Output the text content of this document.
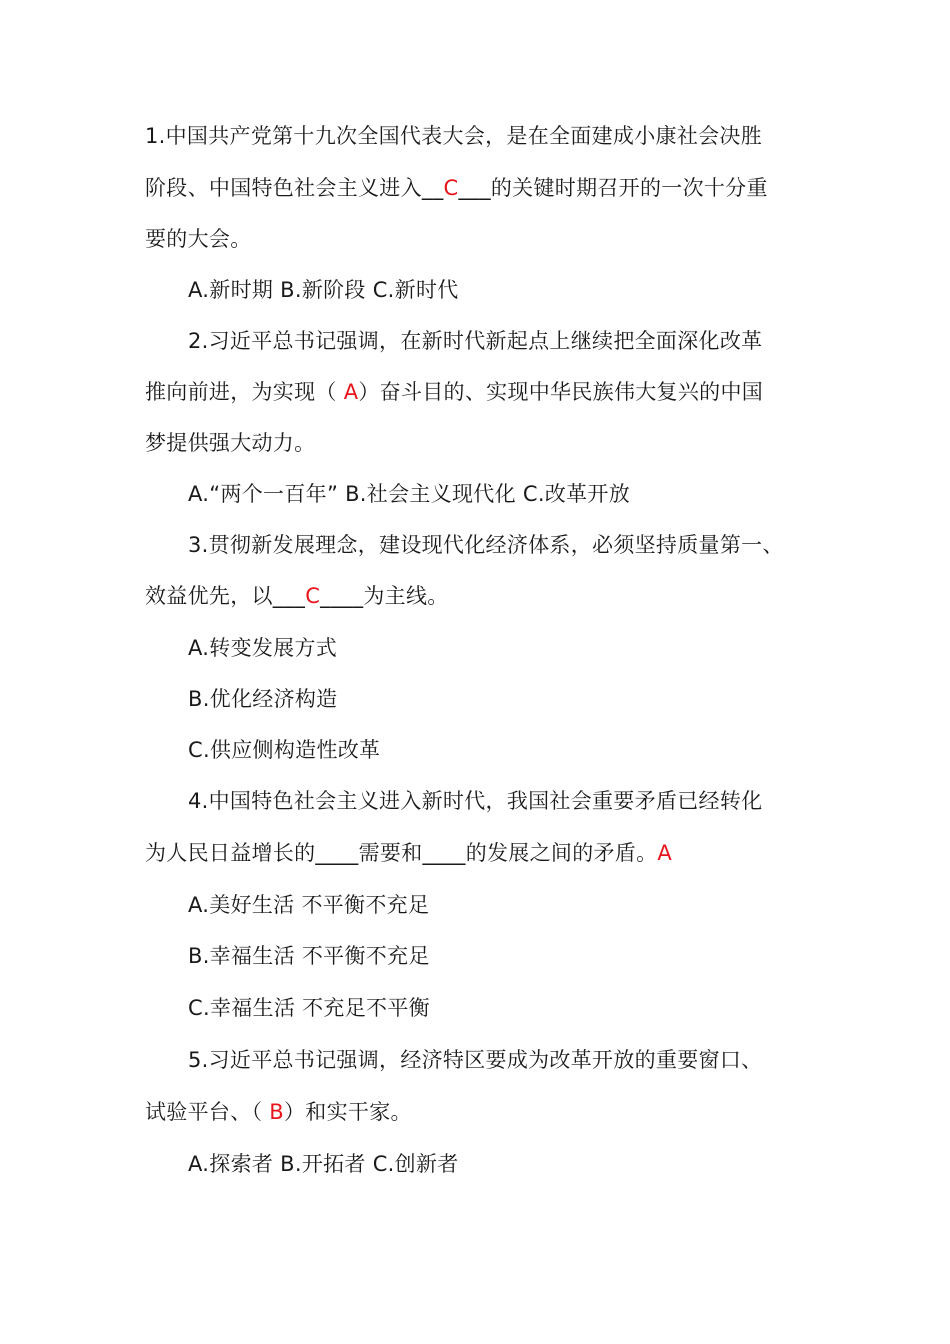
1.中国共产党第十九次全国代表大会，是在全面建成小康社会决胜
阶段、中国特色社会主义进入__C___的关键时期召开的一次十分重
要的大会。
A.新时期 B.新阶段 C.新时代
2.习近平总书记强调，在新时代新起点上继续把全面深化改革
推向前进，为实现（ A）奋斗目的、实现中华民族伟大复兴的中国
梦提供强大动力。
A.“两个一百年” B.社会主义现代化 C.改革开放
3.贯彻新发展理念，建设现代化经济体系，必须坚持质量第一、
效益优先，以___C____为主线。
A.转变发展方式
B.优化经济构造
C.供应侧构造性改革
4.中国特色社会主义进入新时代，我国社会重要矛盾已经转化
为人民日益增长的____需要和____的发展之间的矛盾。A
A.美好生活 不平衡不充足
B.幸福生活 不平衡不充足
C.幸福生活 不充足不平衡
5.习近平总书记强调，经济特区要成为改革开放的重要窗口、
试验平台、（ B）和实干家。
A.探索者 B.开拓者 C.创新者
